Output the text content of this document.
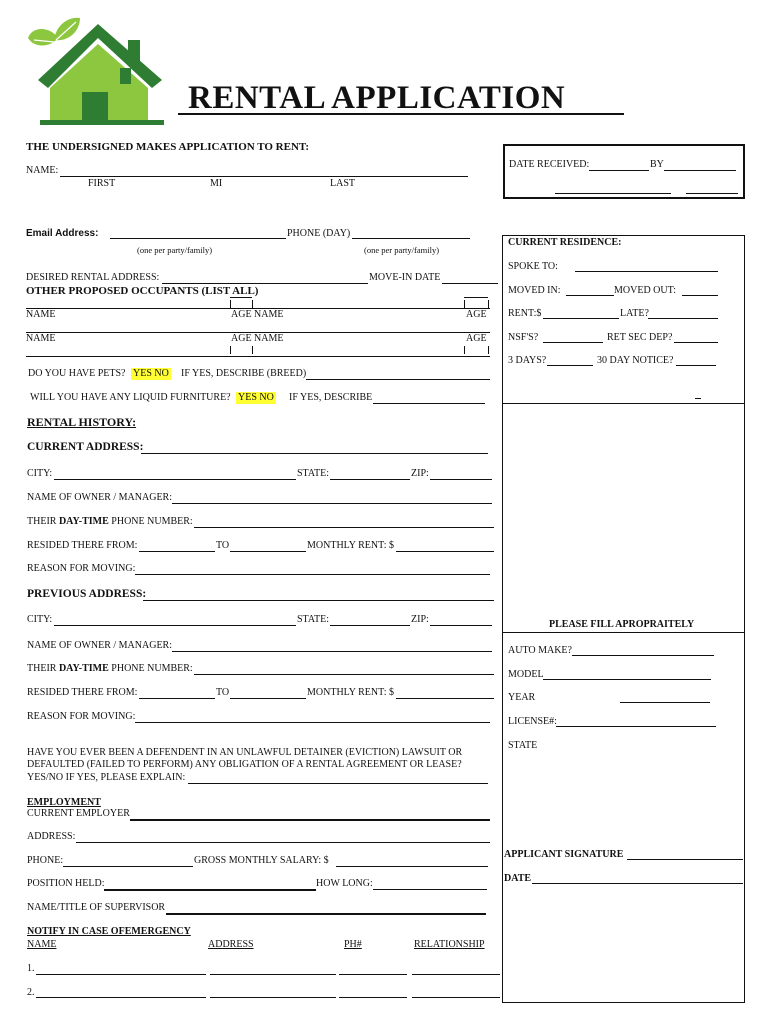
RENTAL APPLICATION
THE UNDERSIGNED MAKES APPLICATION TO RENT:
NAME:
FIRST	MI	LAST
Email Address:	PHONE (DAY)
(one per party/family)	(one per party/family)
DESIRED RENTAL ADDRESS:	MOVE-IN DATE
OTHER PROPOSED OCCUPANTS (LIST ALL)
NAME	AGE NAME	AGE
NAME	AGE NAME	AGE
DO YOU HAVE PETS? YES NO IF YES, DESCRIBE (BREED)
WILL YOU HAVE ANY LIQUID FURNITURE? YES NO IF YES, DESCRIBE
RENTAL HISTORY:
CURRENT ADDRESS:
CITY:	STATE:	ZIP:
NAME OF OWNER / MANAGER:
THEIR DAY-TIME PHONE NUMBER:
RESIDED THERE FROM:	TO	MONTHLY RENT: $
REASON FOR MOVING:
PREVIOUS ADDRESS:
CITY:	STATE:	ZIP:
NAME OF OWNER / MANAGER:
THEIR DAY-TIME PHONE NUMBER:
RESIDED THERE FROM:	TO	MONTHLY RENT: $
REASON FOR MOVING:
HAVE YOU EVER BEEN A DEFENDENT IN AN UNLAWFUL DETAINER (EVICTION) LAWSUIT OR
DEFAULTED (FAILED TO PERFORM) ANY OBLIGATION OF A RENTAL AGREEMENT OR LEASE?
YES/NO IF YES, PLEASE EXPLAIN:
EMPLOYMENT
CURRENT EMPLOYER
ADDRESS:
PHONE:	GROSS MONTHLY SALARY: $
POSITION HELD:	HOW LONG:
NAME/TITLE OF SUPERVISOR
NOTIFY IN CASE OFEMERGENCY
NAME	ADDRESS	PH#	RELATIONSHIP
1.
2.
DATE RECEIVED:	BY
CURRENT RESIDENCE:
SPOKE TO:
MOVED IN:	MOVED OUT:
RENT:$	LATE?
NSF'S?	RET SEC DEP?
3 DAYS?	30 DAY NOTICE?
PLEASE FILL APROPRAITELY
AUTO MAKE?
MODEL
YEAR
LICENSE#:
STATE
APPLICANT SIGNATURE
DATE
